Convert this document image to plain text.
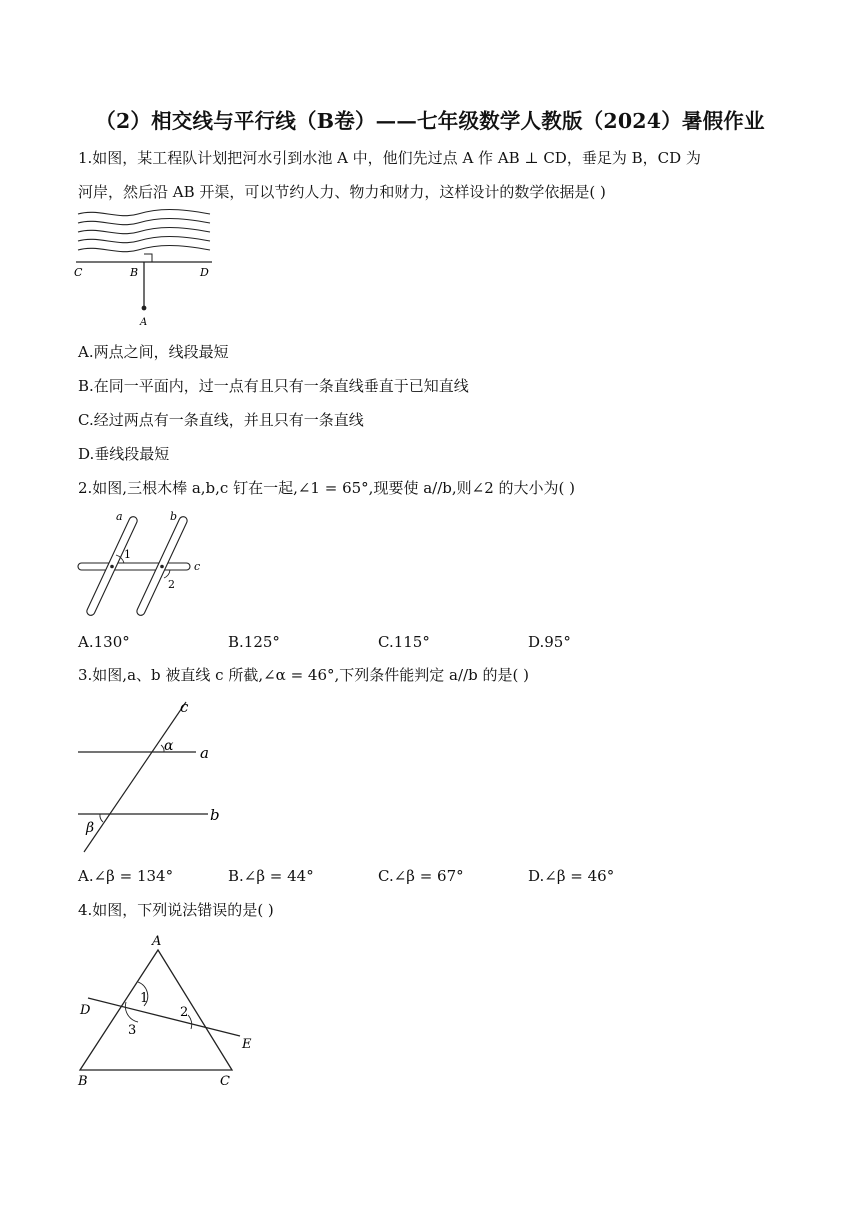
（2）相交线与平行线（B卷）——七年级数学人教版（2024）暑假作业
1.如图，某工程队计划把河水引到水池 A 中，他们先过点 A 作 AB ⊥ CD，垂足为 B，CD 为
河岸，然后沿 AB 开渠，可以节约人力、物力和财力，这样设计的数学依据是( )
C	B	D
A
A.两点之间，线段最短
B.在同一平面内，过一点有且只有一条直线垂直于已知直线
C.经过两点有一条直线，并且只有一条直线
D.垂线段最短
2.如图,三根木棒 a,b,c 钉在一起,∠1 = 65°,现要使 a//b,则∠2 的大小为( )
a	b
c
1
2
A.130°	B.125°	C.115°	D.95°
3.如图,a、b 被直线 c 所截,∠α = 46°,下列条件能判定 a//b 的是( )
c
a
b
α
β
A.∠β = 134°	B.∠β = 44°	C.∠β = 67°	D.∠β = 46°
4.如图，下列说法错误的是( )
A
D
E
B	C
1
2
3
